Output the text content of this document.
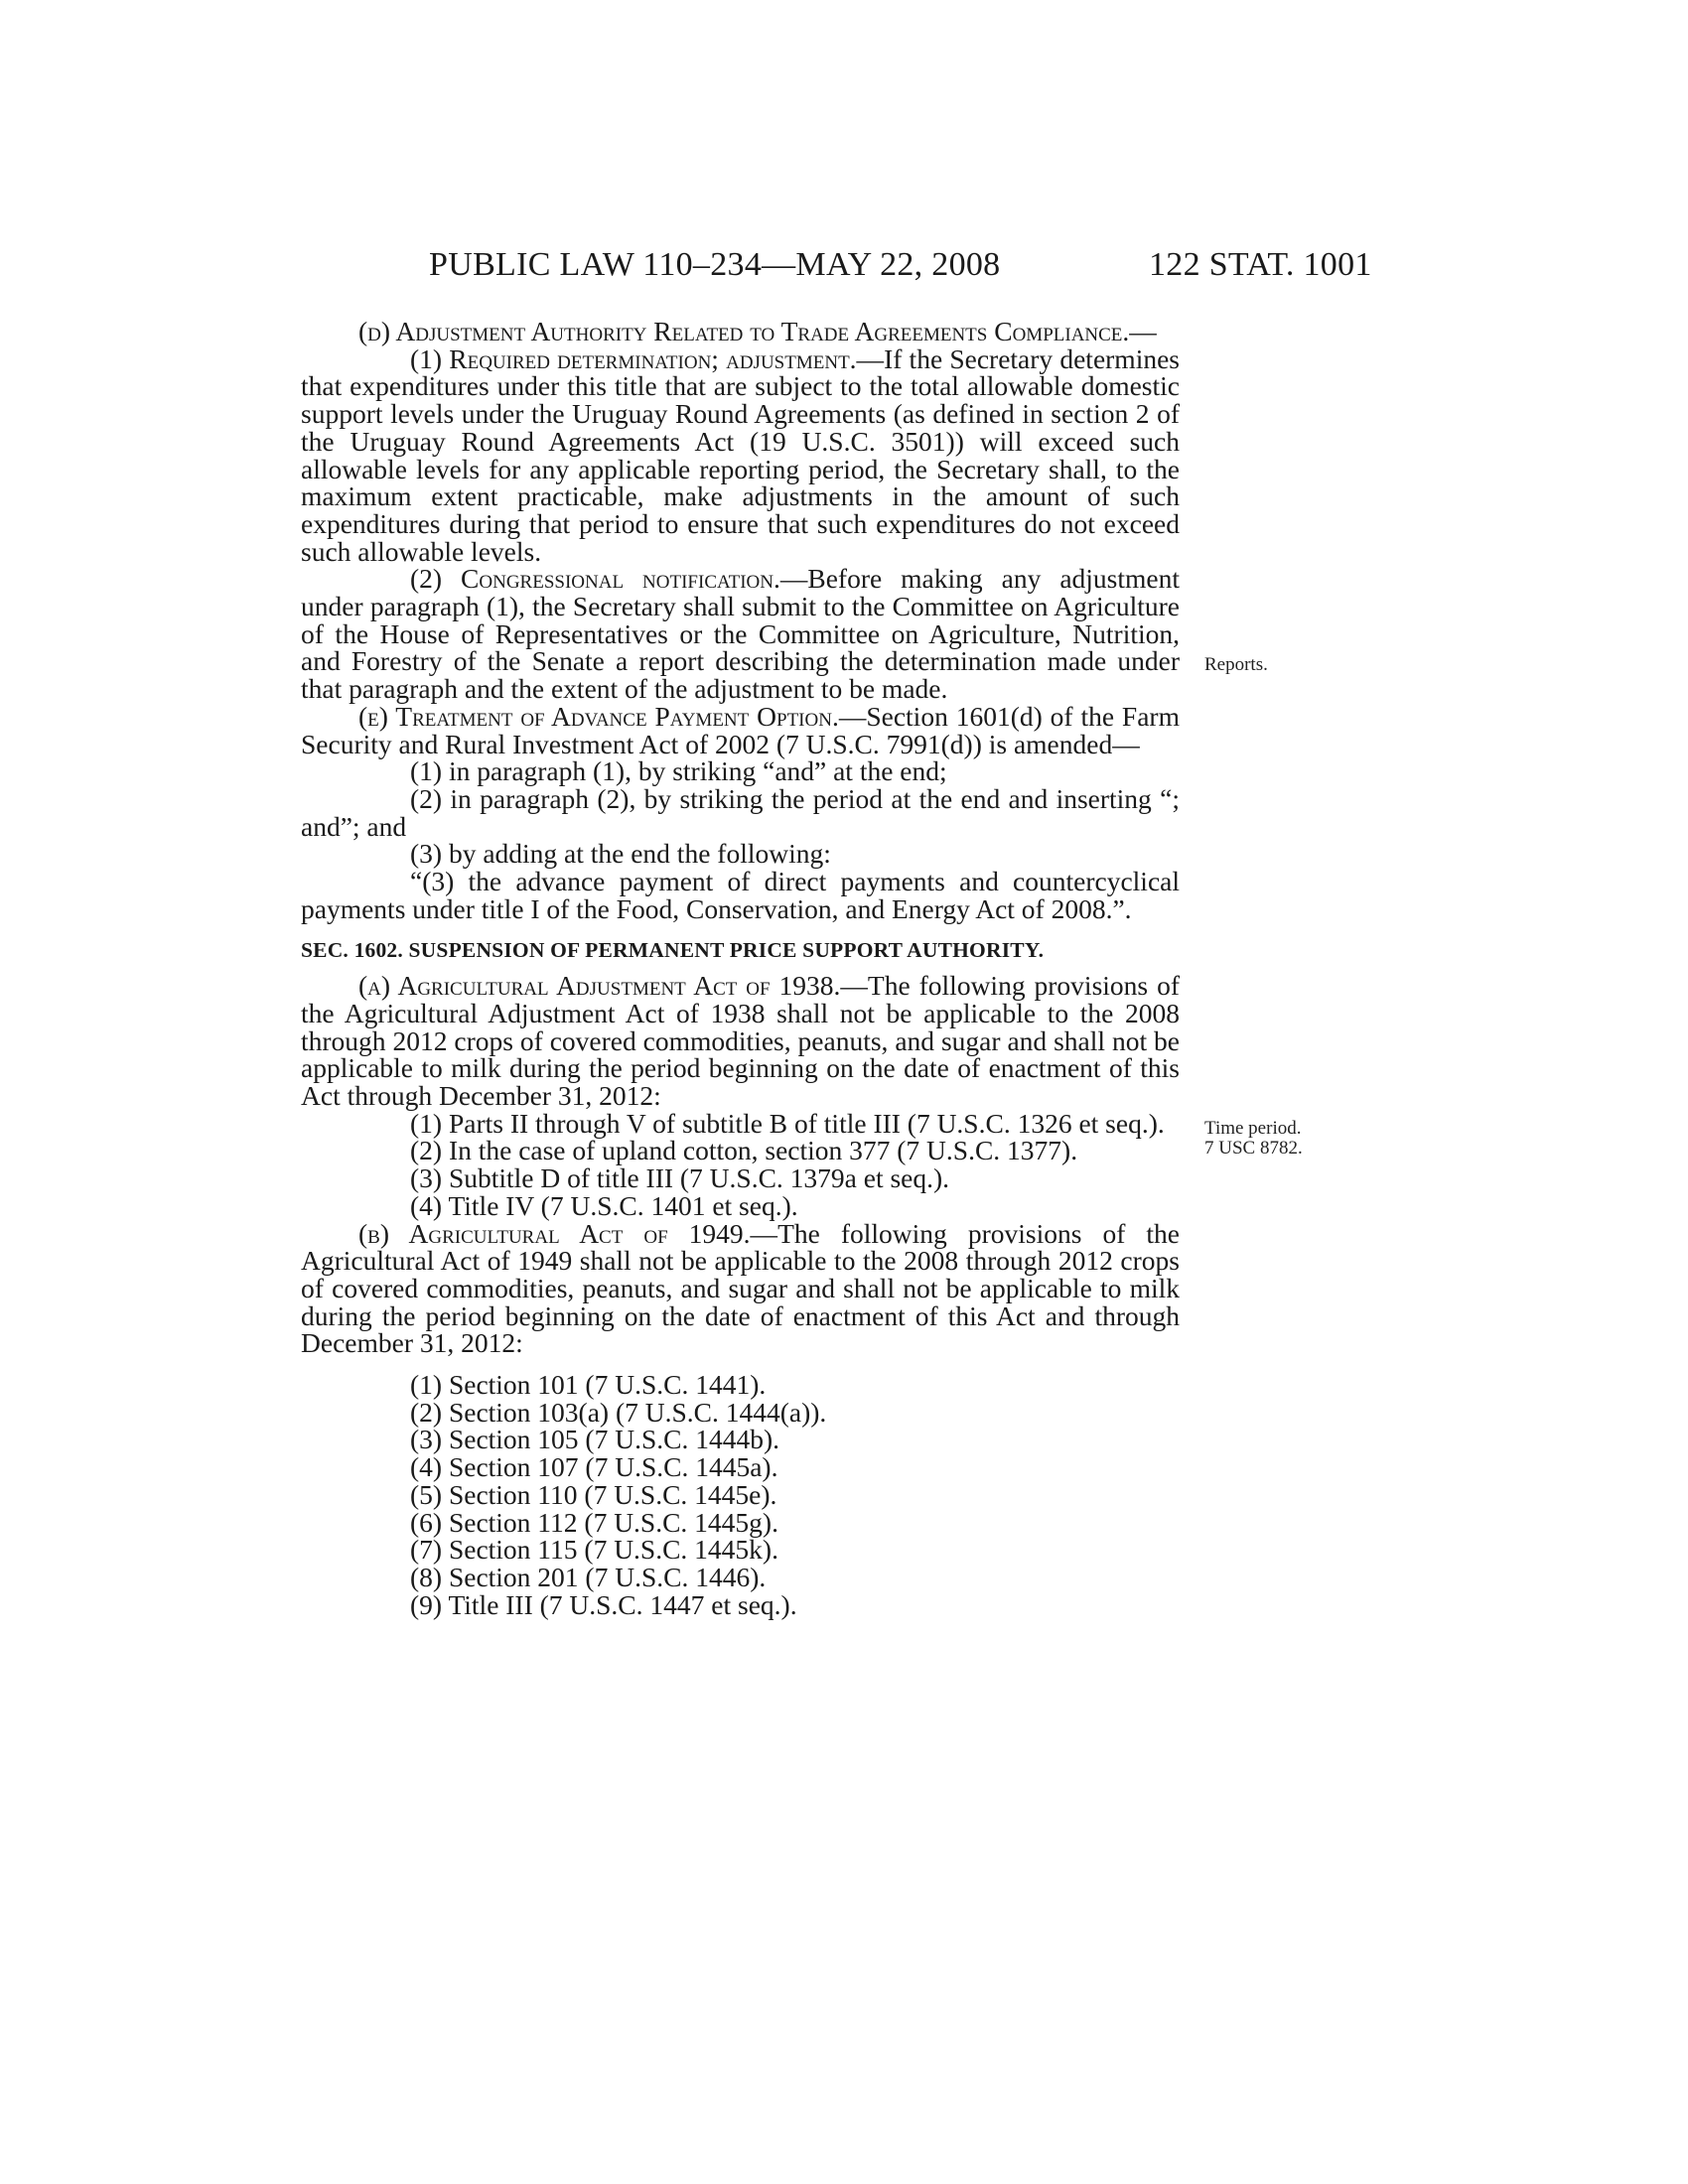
PUBLIC LAW 110–234—MAY 22, 2008	122 STAT. 1001
Reports.
Time period.
7 USC 8782.

(d) Adjustment Authority Related to Trade Agreements Compliance.—

(1) Required determination; adjustment.—If the Secretary determines that expenditures under this title that are subject to the total allowable domestic support levels under the Uruguay Round Agreements (as defined in section 2 of the Uruguay Round Agreements Act (19 U.S.C. 3501)) will exceed such allowable levels for any applicable reporting period, the Secretary shall, to the maximum extent practicable, make adjustments in the amount of such expenditures during that period to ensure that such expenditures do not exceed such allowable levels.

(2) Congressional notification.—Before making any adjustment under paragraph (1), the Secretary shall submit to the Committee on Agriculture of the House of Representatives or the Committee on Agriculture, Nutrition, and Forestry of the Senate a report describing the determination made under that paragraph and the extent of the adjustment to be made.

(e) Treatment of Advance Payment Option.—Section 1601(d) of the Farm Security and Rural Investment Act of 2002 (7 U.S.C. 7991(d)) is amended—

(1) in paragraph (1), by striking “and” at the end;

(2) in paragraph (2), by striking the period at the end and inserting “; and”; and

(3) by adding at the end the following:

“(3) the advance payment of direct payments and countercyclical payments under title I of the Food, Conservation, and Energy Act of 2008.”.

SEC. 1602. SUSPENSION OF PERMANENT PRICE SUPPORT AUTHORITY.

(a) Agricultural Adjustment Act of 1938.—The following provisions of the Agricultural Adjustment Act of 1938 shall not be applicable to the 2008 through 2012 crops of covered commodities, peanuts, and sugar and shall not be applicable to milk during the period beginning on the date of enactment of this Act through December 31, 2012:

(1) Parts II through V of subtitle B of title III (7 U.S.C. 1326 et seq.).

(2) In the case of upland cotton, section 377 (7 U.S.C. 1377).

(3) Subtitle D of title III (7 U.S.C. 1379a et seq.).

(4) Title IV (7 U.S.C. 1401 et seq.).

(b) Agricultural Act of 1949.—The following provisions of the Agricultural Act of 1949 shall not be applicable to the 2008 through 2012 crops of covered commodities, peanuts, and sugar and shall not be applicable to milk during the period beginning on the date of enactment of this Act and through December 31, 2012:

(1) Section 101 (7 U.S.C. 1441).

(2) Section 103(a) (7 U.S.C. 1444(a)).

(3) Section 105 (7 U.S.C. 1444b).

(4) Section 107 (7 U.S.C. 1445a).

(5) Section 110 (7 U.S.C. 1445e).

(6) Section 112 (7 U.S.C. 1445g).

(7) Section 115 (7 U.S.C. 1445k).

(8) Section 201 (7 U.S.C. 1446).

(9) Title III (7 U.S.C. 1447 et seq.).
